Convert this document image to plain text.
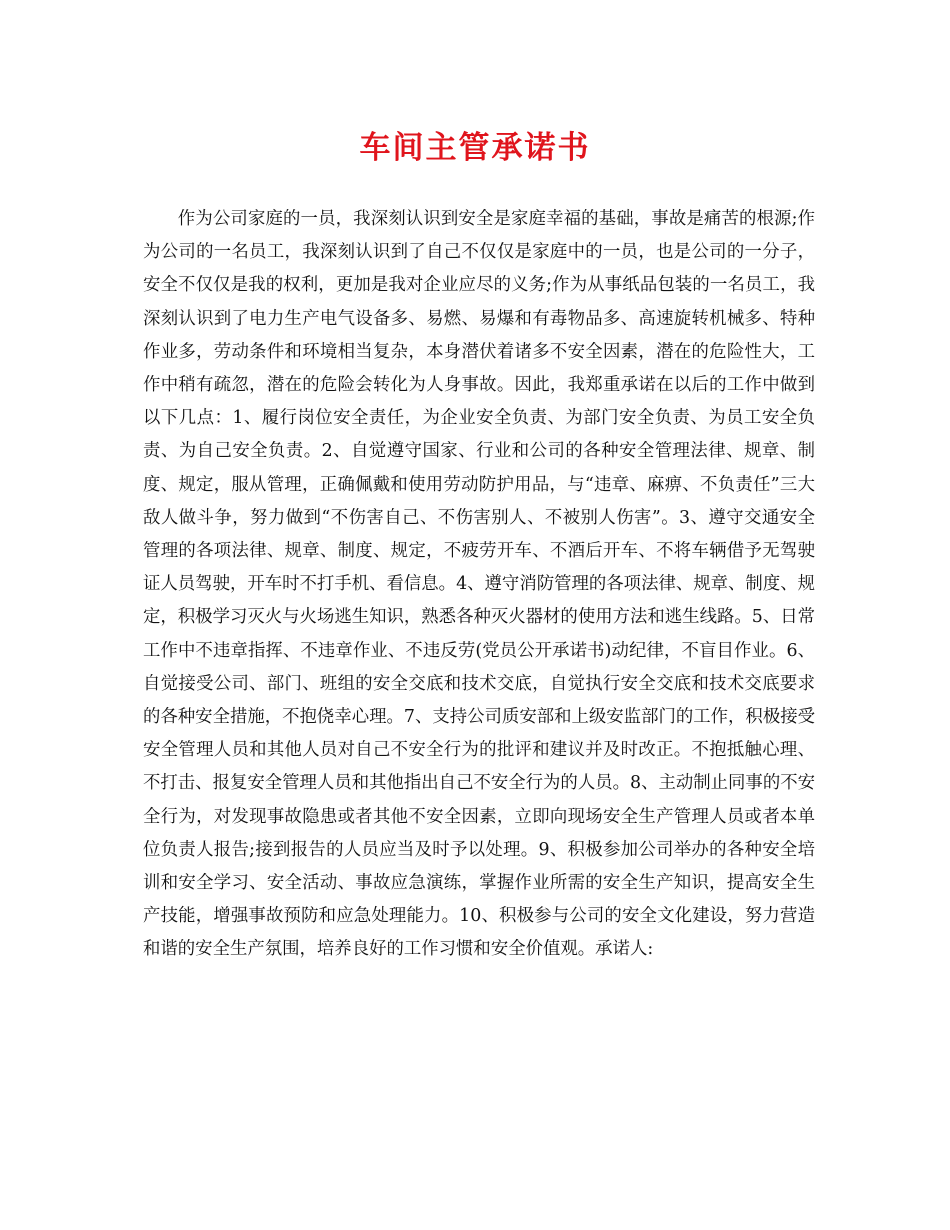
车间主管承诺书

作为公司家庭的一员，我深刻认识到安全是家庭幸福的基础，事故是痛苦的根源;作为公司的一名员工，我深刻认识到了自己不仅仅是家庭中的一员，也是公司的一分子，安全不仅仅是我的权利，更加是我对企业应尽的义务;作为从事纸品包装的一名员工，我深刻认识到了电力生产电气设备多、易燃、易爆和有毒物品多、高速旋转机械多、特种作业多，劳动条件和环境相当复杂，本身潜伏着诸多不安全因素，潜在的危险性大，工作中稍有疏忽，潜在的危险会转化为人身事故。因此，我郑重承诺在以后的工作中做到以下几点：1、履行岗位安全责任，为企业安全负责、为部门安全负责、为员工安全负责、为自己安全负责。2、自觉遵守国家、行业和公司的各种安全管理法律、规章、制度、规定，服从管理，正确佩戴和使用劳动防护用品，与“违章、麻痹、不负责任”三大敌人做斗争，努力做到“不伤害自己、不伤害别人、不被别人伤害”。3、遵守交通安全管理的各项法律、规章、制度、规定，不疲劳开车、不酒后开车、不将车辆借予无驾驶证人员驾驶，开车时不打手机、看信息。4、遵守消防管理的各项法律、规章、制度、规定，积极学习灭火与火场逃生知识，熟悉各种灭火器材的使用方法和逃生线路。5、日常工作中不违章指挥、不违章作业、不违反劳(党员公开承诺书)动纪律，不盲目作业。6、自觉接受公司、部门、班组的安全交底和技术交底，自觉执行安全交底和技术交底要求的各种安全措施，不抱侥幸心理。7、支持公司质安部和上级安监部门的工作，积极接受安全管理人员和其他人员对自己不安全行为的批评和建议并及时改正。不抱抵触心理、不打击、报复安全管理人员和其他指出自己不安全行为的人员。8、主动制止同事的不安全行为，对发现事故隐患或者其他不安全因素，立即向现场安全生产管理人员或者本单位负责人报告;接到报告的人员应当及时予以处理。9、积极参加公司举办的各种安全培训和安全学习、安全活动、事故应急演练，掌握作业所需的安全生产知识，提高安全生产技能，增强事故预防和应急处理能力。10、积极参与公司的安全文化建设，努力营造和谐的安全生产氛围，培养良好的工作习惯和安全价值观。承诺人:
